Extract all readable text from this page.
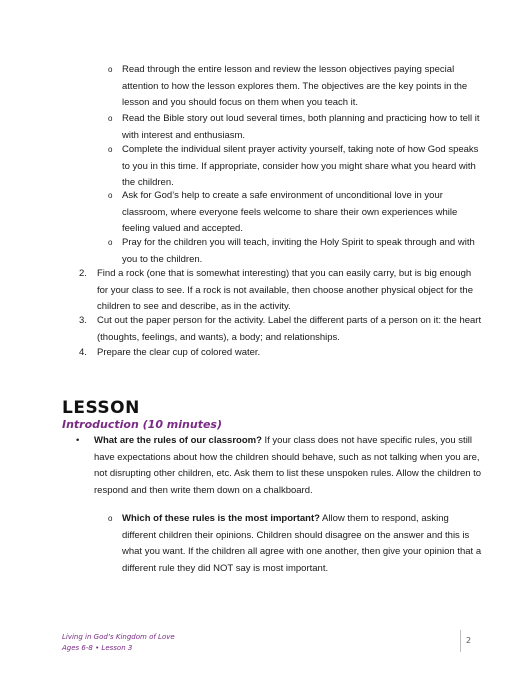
o Read through the entire lesson and review the lesson objectives paying special attention to how the lesson explores them. The objectives are the key points in the lesson and you should focus on them when you teach it.
o Read the Bible story out loud several times, both planning and practicing how to tell it with interest and enthusiasm.
o Complete the individual silent prayer activity yourself, taking note of how God speaks to you in this time. If appropriate, consider how you might share what you heard with the children.
o Ask for God’s help to create a safe environment of unconditional love in your classroom, where everyone feels welcome to share their own experiences while feeling valued and accepted.
o Pray for the children you will teach, inviting the Holy Spirit to speak through and with you to the children.
2. Find a rock (one that is somewhat interesting) that you can easily carry, but is big enough for your class to see. If a rock is not available, then choose another physical object for the children to see and describe, as in the activity.
3. Cut out the paper person for the activity. Label the different parts of a person on it: the heart (thoughts, feelings, and wants), a body; and relationships.
4. Prepare the clear cup of colored water.
LESSON
Introduction (10 minutes)
• What are the rules of our classroom? If your class does not have specific rules, you still have expectations about how the children should behave, such as not talking when you are, not disrupting other children, etc. Ask them to list these unspoken rules. Allow the children to respond and then write them down on a chalkboard.
o Which of these rules is the most important? Allow them to respond, asking different children their opinions. Children should disagree on the answer and this is what you want. If the children all agree with one another, then give your opinion that a different rule they did NOT say is most important.
Living in God’s Kingdom of Love
Ages 6-8 • Lesson 3
2
